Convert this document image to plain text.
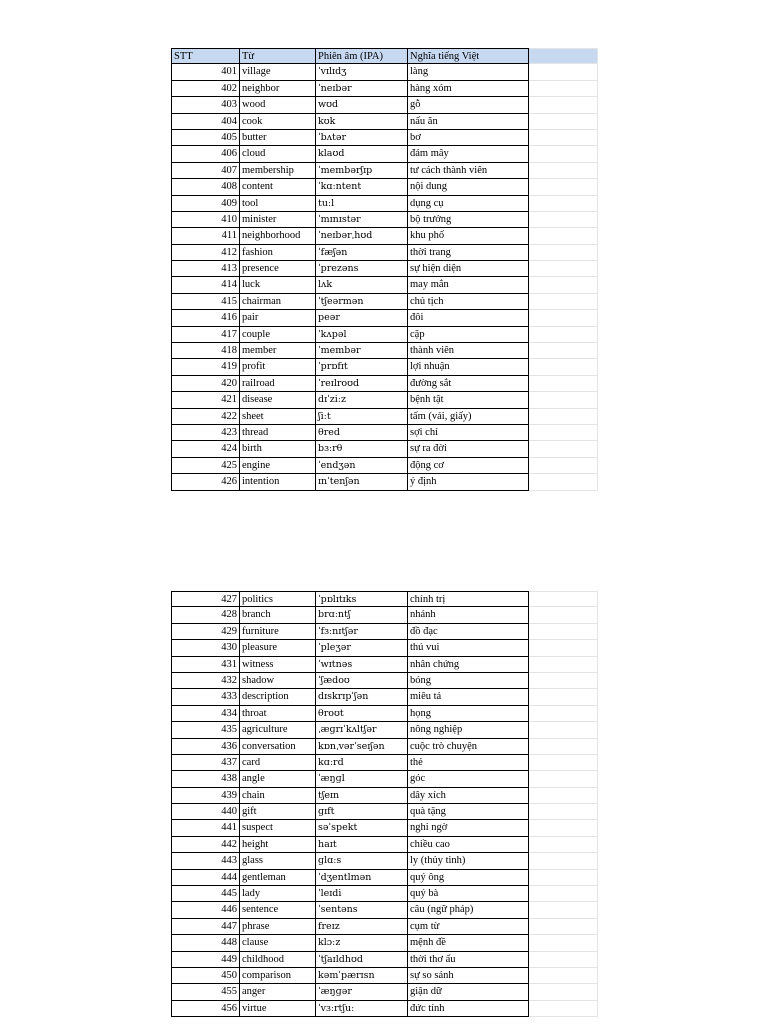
STT	Từ	Phiên âm (IPA)	Nghĩa tiếng Việt
401 village	ˈvɪlɪdʒ	làng
402 neighbor	ˈneɪbər	hàng xóm
403 wood	wʊd	gỗ
404 cook	kʊk	nấu ăn
405 butter	ˈbʌtər	bơ
406 cloud	klaʊd	đám mây
407 membership	ˈmembərʃɪp	tư cách thành viên
408 content	ˈkɑːntent	nội dung
409 tool	tuːl	dụng cụ
410 minister	ˈmɪnɪstər	bộ trưởng
411 neighborhood	ˈneɪbərˌhʊd	khu phố
412 fashion	ˈfæʃən	thời trang
413 presence	ˈprezəns	sự hiện diện
414 luck	lʌk	may mắn
415 chairman	ˈtʃeərmən	chủ tịch
416 pair	peər	đôi
417 couple	ˈkʌpəl	cặp
418 member	ˈmembər	thành viên
419 profit	ˈprɒfɪt	lợi nhuận
420 railroad	ˈreɪlroʊd	đường sắt
421 disease	dɪˈziːz	bệnh tật
422 sheet	ʃiːt	tấm (vải, giấy)
423 thread	θred	sợi chỉ
424 birth	bɜːrθ	sự ra đời
425 engine	ˈendʒən	động cơ
426 intention	ɪnˈtenʃən	ý định
427 politics	ˈpɒlɪtɪks	chính trị
428 branch	brɑːntʃ	nhánh
429 furniture	ˈfɜːnɪtʃər	đồ đạc
430 pleasure	ˈpleʒər	thú vui
431 witness	ˈwɪtnəs	nhân chứng
432 shadow	ˈʃædoʊ	bóng
433 description	dɪskrɪpˈʃən	miêu tả
434 throat	θroʊt	họng
435 agriculture	ˌæɡrɪˈkʌltʃər	nông nghiệp
436 conversation	kɒnˌvərˈseɪʃən	cuộc trò chuyện
437 card	kɑːrd	thẻ
438 angle	ˈæŋɡl	góc
439 chain	tʃeɪn	dây xích
440 gift	ɡɪft	quà tặng
441 suspect	səˈspekt	nghi ngờ
442 height	haɪt	chiều cao
443 glass	ɡlɑːs	ly (thủy tinh)
444 gentleman	ˈdʒentlmən	quý ông
445 lady	ˈleɪdi	quý bà
446 sentence	ˈsentəns	câu (ngữ pháp)
447 phrase	freɪz	cụm từ
448 clause	klɔːz	mệnh đề
449 childhood	ˈtʃaɪldhʊd	thời thơ ấu
450 comparison	kəmˈpærɪsn	sự so sánh
455 anger	ˈæŋɡər	giận dữ
456 virtue	ˈvɜːrtʃuː	đức tính
